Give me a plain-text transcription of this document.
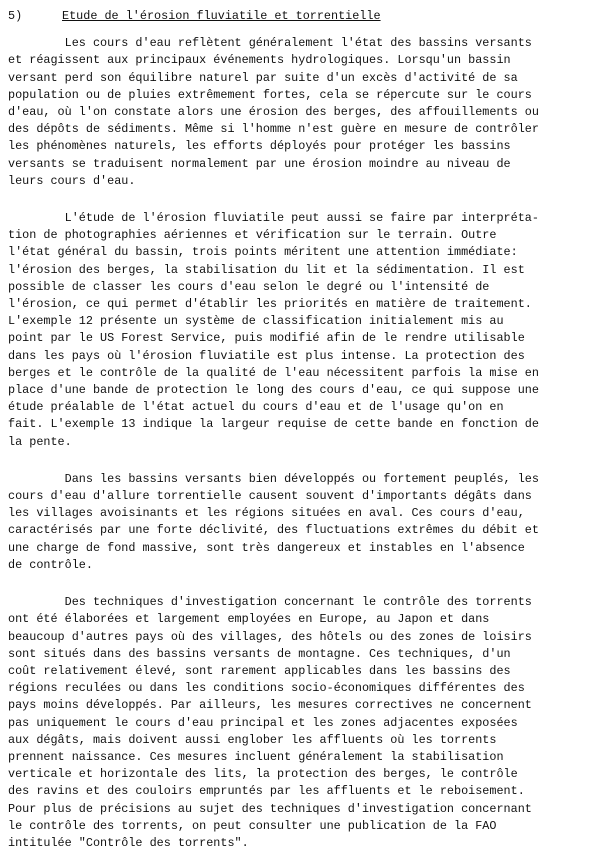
5)	Etude de l'érosion fluviatile et torrentielle
Les cours d'eau reflètent généralement l'état des bassins versants
et réagissent aux principaux événements hydrologiques. Lorsqu'un bassin
versant perd son équilibre naturel par suite d'un excès d'activité de sa
population ou de pluies extrêmement fortes, cela se répercute sur le cours
d'eau, où l'on constate alors une érosion des berges, des affouillements ou
des dépôts de sédiments. Même si l'homme n'est guère en mesure de contrôler
les phénomènes naturels, les efforts déployés pour protéger les bassins
versants se traduisent normalement par une érosion moindre au niveau de
leurs cours d'eau.
L'étude de l'érosion fluviatile peut aussi se faire par interpréta-
tion de photographies aériennes et vérification sur le terrain. Outre
l'état général du bassin, trois points méritent une attention immédiate:
l'érosion des berges, la stabilisation du lit et la sédimentation. Il est
possible de classer les cours d'eau selon le degré ou l'intensité de
l'érosion, ce qui permet d'établir les priorités en matière de traitement.
L'exemple 12 présente un système de classification initialement mis au
point par le US Forest Service, puis modifié afin de le rendre utilisable
dans les pays où l'érosion fluviatile est plus intense. La protection des
berges et le contrôle de la qualité de l'eau nécessitent parfois la mise en
place d'une bande de protection le long des cours d'eau, ce qui suppose une
étude préalable de l'état actuel du cours d'eau et de l'usage qu'on en
fait. L'exemple 13 indique la largeur requise de cette bande en fonction de
la pente.
Dans les bassins versants bien développés ou fortement peuplés, les
cours d'eau d'allure torrentielle causent souvent d'importants dégâts dans
les villages avoisinants et les régions situées en aval. Ces cours d'eau,
caractérisés par une forte déclivité, des fluctuations extrêmes du débit et
une charge de fond massive, sont très dangereux et instables en l'absence
de contrôle.
Des techniques d'investigation concernant le contrôle des torrents
ont été élaborées et largement employées en Europe, au Japon et dans
beaucoup d'autres pays où des villages, des hôtels ou des zones de loisirs
sont situés dans des bassins versants de montagne. Ces techniques, d'un
coût relativement élevé, sont rarement applicables dans les bassins des
régions reculées ou dans les conditions socio-économiques différentes des
pays moins développés. Par ailleurs, les mesures correctives ne concernent
pas uniquement le cours d'eau principal et les zones adjacentes exposées
aux dégâts, mais doivent aussi englober les affluents où les torrents
prennent naissance. Ces mesures incluent généralement la stabilisation
verticale et horizontale des lits, la protection des berges, le contrôle
des ravins et des couloirs empruntés par les affluents et le reboisement.
Pour plus de précisions au sujet des techniques d'investigation concernant
le contrôle des torrents, on peut consulter une publication de la FAO
intitulée "Contrôle des torrents".
